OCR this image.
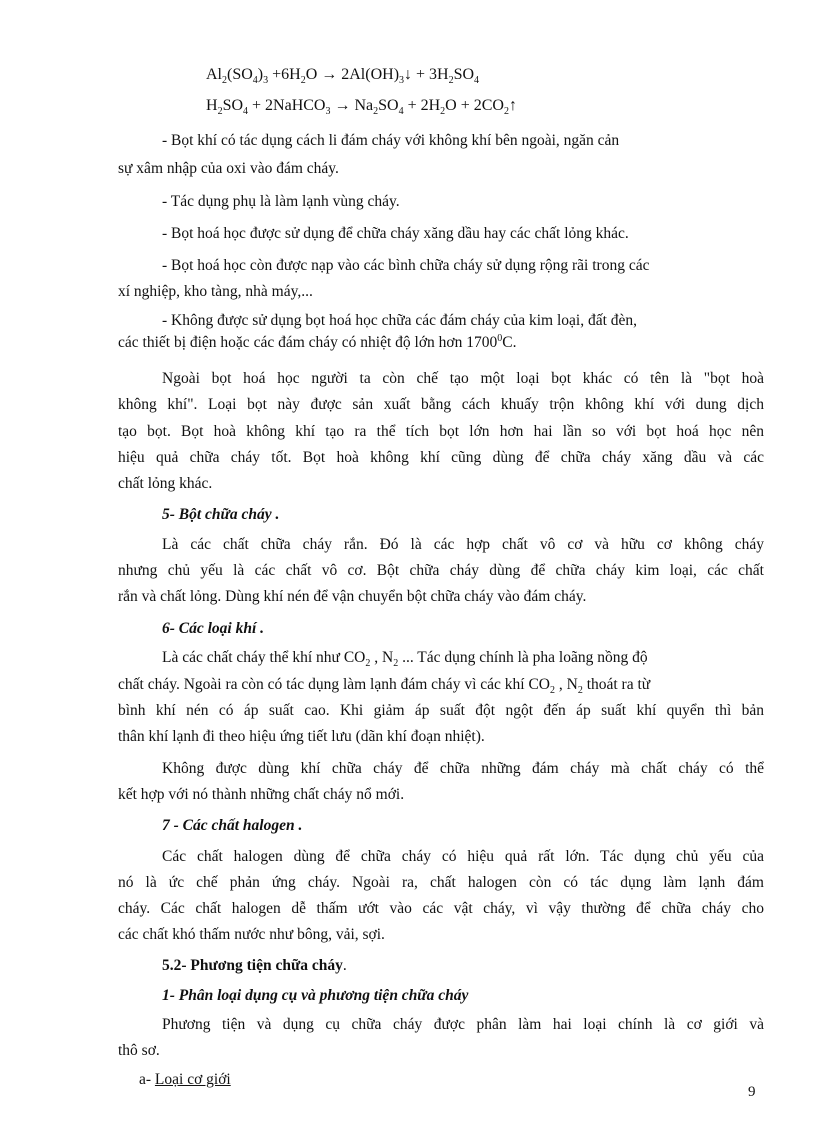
$Al_2(SO_4)_3 +6H_2O$ → $2Al(OH)_3↓ + 3H_2SO_4$
$H_2SO_4$ + 2NaHCO$_3$ → $Na_2SO_4 + 2H_2O$ + $2CO_2↑$
- Bọt khí có tác dụng cách li đám cháy với không khí bên ngoài, ngăn cản
sự xâm nhập của oxi vào đám cháy.
- Tác dụng phụ là làm lạnh vùng cháy.
- Bọt hoá học được sử dụng để chữa cháy xăng dầu hay các chất lỏng khác.
- Bọt hoá học còn được nạp vào các bình chữa cháy sử dụng rộng rãi trong các
xí nghiệp, kho tàng, nhà máy,...
- Không được sử dụng bọt hoá học chữa các đám cháy của kim loại, đất đèn,
các thiết bị điện hoặc các đám cháy có nhiệt độ lớn hơn 1700$^0$C.
Ngoài bọt hoá học người ta còn chế tạo một loại bọt khác có tên là "bọt hoà
không khí". Loại bọt này được sản xuất bằng cách khuấy trộn không khí với dung dịch
tạo bọt. Bọt hoà không khí tạo ra thể tích bọt lớn hơn hai lần so với bọt hoá học nên
hiệu quả chữa cháy tốt. Bọt hoà không khí cũng dùng để chữa cháy xăng dầu và các
chất lỏng khác.
5- Bột chữa cháy .
Là các chất chữa cháy rắn. Đó là các hợp chất vô cơ và hữu cơ không cháy
nhưng chủ yếu là các chất vô cơ. Bột chữa cháy dùng để chữa cháy kim loại, các chất
rắn và chất lỏng. Dùng khí nén để vận chuyển bột chữa cháy vào đám cháy.
6- Các loại khí .
Là các chất cháy thể khí như $CO_2$ , $N_2$ ... Tác dụng chính là pha loãng nồng độ
chất cháy. Ngoài ra còn có tác dụng làm lạnh đám cháy vì các khí $CO_2$ , $N_2$ thoát ra từ
bình khí nén có áp suất cao. Khi giảm áp suất đột ngột đến áp suất khí quyển thì bản
thân khí lạnh đi theo hiệu ứng tiết lưu (dãn khí đoạn nhiệt).
Không được dùng khí chữa cháy để chữa những đám cháy mà chất cháy có thể
kết hợp với nó thành những chất cháy nổ mới.
7 - Các chất halogen .
Các chất halogen dùng để chữa cháy có hiệu quả rất lớn. Tác dụng chủ yếu của
nó là ức chế phản ứng cháy. Ngoài ra, chất halogen còn có tác dụng làm lạnh đám
cháy. Các chất halogen dễ thấm ướt vào các vật cháy, vì vậy thường để chữa cháy cho
các chất khó thấm nước như bông, vải, sợi.
5.2- Phương tiện chữa cháy.
1- Phân loại dụng cụ và phương tiện chữa cháy
Phương tiện và dụng cụ chữa cháy được phân làm hai loại chính là cơ giới và
thô sơ.
a- Loại cơ giới
9
